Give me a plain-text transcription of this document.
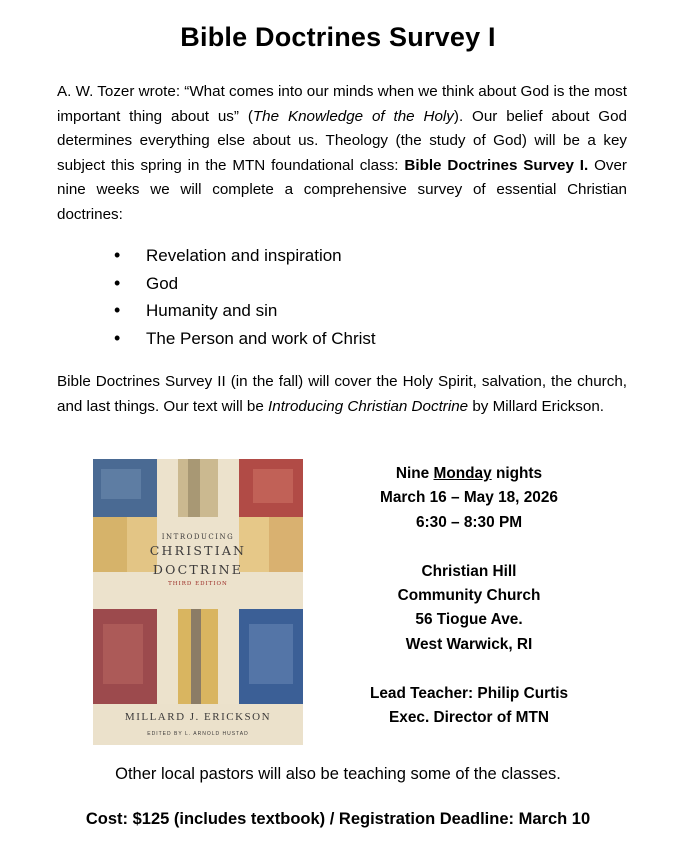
Bible Doctrines Survey I
A. W. Tozer wrote: “What comes into our minds when we think about God is the most important thing about us” (The Knowledge of the Holy). Our belief about God determines everything else about us. Theology (the study of God) will be a key subject this spring in the MTN foundational class: Bible Doctrines Survey I. Over nine weeks we will complete a comprehensive survey of essential Christian doctrines:
• Revelation and inspiration
• God
• Humanity and sin
• The Person and work of Christ
Bible Doctrines Survey II (in the fall) will cover the Holy Spirit, salvation, the church, and last things. Our text will be Introducing Christian Doctrine by Millard Erickson.
INTRODUCING
CHRISTIAN
DOCTRINE
THIRD EDITION
MILLARD J. ERICKSON
EDITED BY L. ARNOLD HUSTAD
Nine Monday nights
March 16 – May 18, 2026
6:30 – 8:30 PM
Christian Hill
Community Church
56 Tiogue Ave.
West Warwick, RI
Lead Teacher: Philip Curtis
Exec. Director of MTN
Other local pastors will also be teaching some of the classes.
Cost: $125 (includes textbook) / Registration Deadline: March 10
